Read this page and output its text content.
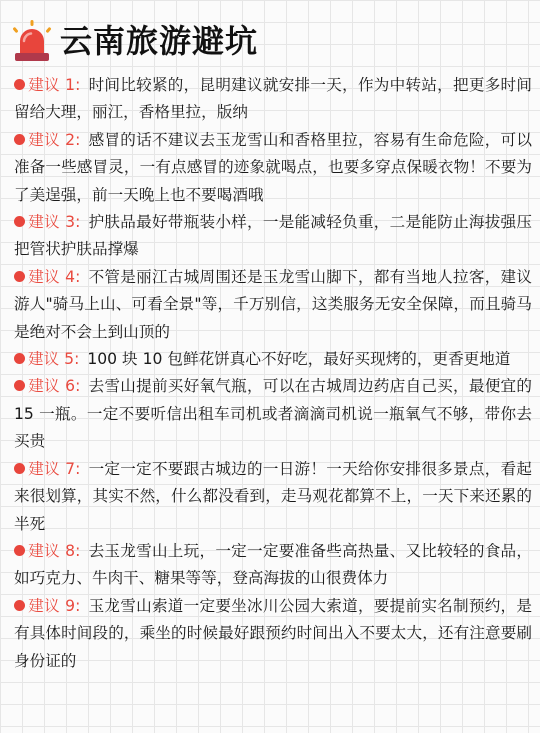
云南旅游避坑

建议 1: 时间比较紧的，昆明建议就安排一天，作为中转站，把更多时间留给大理，丽江，香格里拉，版纳

建议 2: 感冒的话不建议去玉龙雪山和香格里拉，容易有生命危险，可以准备一些感冒灵，一有点感冒的迹象就喝点，也要多穿点保暖衣物！不要为了美逞强，前一天晚上也不要喝酒哦

建议 3: 护肤品最好带瓶装小样，一是能减轻负重，二是能防止海拔强压把管状护肤品撑爆

建议 4: 不管是丽江古城周围还是玉龙雪山脚下，都有当地人拉客，建议游人"骑马上山、可看全景"等，千万别信，这类服务无安全保障，而且骑马是绝对不会上到山顶的

建议 5: 100 块 10 包鲜花饼真心不好吃，最好买现烤的，更香更地道

建议 6: 去雪山提前买好氧气瓶，可以在古城周边药店自己买，最便宜的 15 一瓶。一定不要听信出租车司机或者滴滴司机说一瓶氧气不够，带你去买贵

建议 7: 一定一定不要跟古城边的一日游！一天给你安排很多景点，看起来很划算，其实不然，什么都没看到，走马观花都算不上，一天下来还累的半死

建议 8: 去玉龙雪山上玩，一定一定要准备些高热量、又比较轻的食品，如巧克力、牛肉干、糖果等等，登高海拔的山很费体力

建议 9: 玉龙雪山索道一定要坐冰川公园大索道，要提前实名制预约，是有具体时间段的，乘坐的时候最好跟预约时间出入不要太大，还有注意要刷身份证的
